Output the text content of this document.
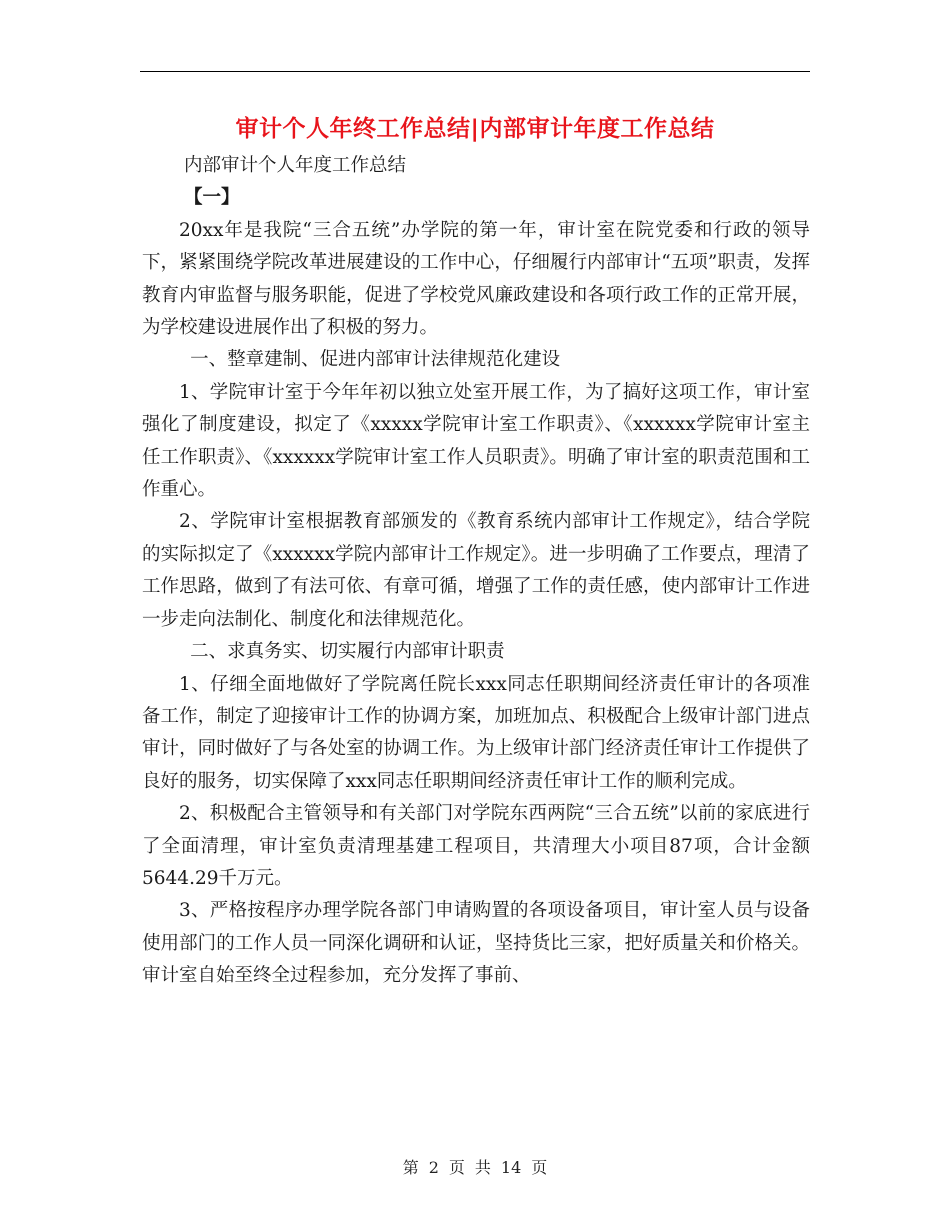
审计个人年终工作总结|内部审计年度工作总结

内部审计个人年度工作总结

【一】

20xx年是我院“三合五统”办学院的第一年，审计室在院党委和行政的领导下，紧紧围绕学院改革进展建设的工作中心，仔细履行内部审计“五项”职责，发挥教育内审监督与服务职能，促进了学校党风廉政建设和各项行政工作的正常开展，为学校建设进展作出了积极的努力。

一、整章建制、促进内部审计法律规范化建设

1、学院审计室于今年年初以独立处室开展工作，为了搞好这项工作，审计室强化了制度建设，拟定了《xxxxx学院审计室工作职责》、《xxxxxx学院审计室主任工作职责》、《xxxxxx学院审计室工作人员职责》。明确了审计室的职责范围和工作重心。

2、学院审计室根据教育部颁发的《教育系统内部审计工作规定》，结合学院的实际拟定了《xxxxxx学院内部审计工作规定》。进一步明确了工作要点，理清了工作思路，做到了有法可依、有章可循，增强了工作的责任感，使内部审计工作进一步走向法制化、制度化和法律规范化。

二、求真务实、切实履行内部审计职责

1、仔细全面地做好了学院离任院长xxx同志任职期间经济责任审计的各项准备工作，制定了迎接审计工作的协调方案，加班加点、积极配合上级审计部门进点审计，同时做好了与各处室的协调工作。为上级审计部门经济责任审计工作提供了良好的服务，切实保障了xxx同志任职期间经济责任审计工作的顺利完成。

2、积极配合主管领导和有关部门对学院东西两院“三合五统”以前的家底进行了全面清理，审计室负责清理基建工程项目，共清理大小项目87项，合计金额5644.29千万元。

3、严格按程序办理学院各部门申请购置的各项设备项目，审计室人员与设备使用部门的工作人员一同深化调研和认证，坚持货比三家，把好质量关和价格关。审计室自始至终全过程参加，充分发挥了事前、

第 2 页 共 14 页
